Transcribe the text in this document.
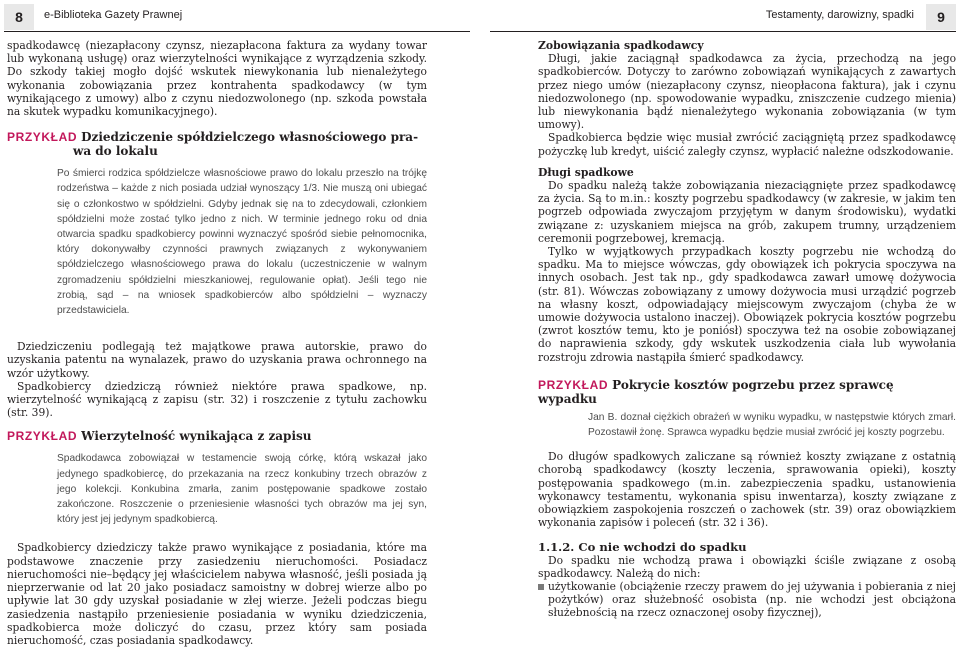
8	e-Biblioteka Gazety Prawnej	Testamenty, darowizny, spadki	9

spadkodawcę (niezapłacony czynsz, niezapłacona faktura za wydany towar lub wykonaną usługę) oraz wierzytelności wynikające z wyrządzenia szkody. Do szkody takiej mogło dojść wskutek niewykonania lub nienależytego wykonania zobowiązania przez kontrahenta spadkodawcy (w tym wynikającego z umowy) albo z czynu niedozwolonego (np. szkoda powstała na skutek wypadku komunikacyjnego).

PRZYKŁAD Dziedziczenie spółdzielczego własnościowego pra-
wa do lokalu

Po śmierci rodzica spółdzielcze własnościowe prawo do lokalu przeszło na trójkę rodzeństwa – każde z nich posiada udział wynoszący 1/3. Nie muszą oni ubiegać się o członkostwo w spółdzielni. Gdyby jednak się na to zdecydowali, członkiem spółdzielni może zostać tylko jedno z nich. W terminie jednego roku od dnia otwarcia spadku spadkobiercy powinni wyznaczyć spośród siebie pełnomocnika, który dokonywałby czynności prawnych związanych z wykonywaniem spółdzielczego własnościowego prawa do lokalu (uczestniczenie w walnym zgromadzeniu spółdzielni mieszkaniowej, regulowanie opłat). Jeśli tego nie zrobią, sąd – na wniosek spadkobierców albo spółdzielni – wyznaczy przedstawiciela.

Dziedziczeniu podlegają też majątkowe prawa autorskie, prawo do uzyskania patentu na wynalazek, prawo do uzyskania prawa ochronnego na wzór użytkowy.

Spadkobiercy dziedziczą również niektóre prawa spadkowe, np. wierzytelność wynikającą z zapisu (str. 32) i roszczenie z tytułu zachowku (str. 39).

PRZYKŁAD Wierzytelność wynikająca z zapisu

Spadkodawca zobowiązał w testamencie swoją córkę, którą wskazał jako jedynego spadkobiercę, do przekazania na rzecz konkubiny trzech obrazów z jego kolekcji. Konkubina zmarła, zanim postępowanie spadkowe zostało zakończone. Roszczenie o przeniesienie własności tych obrazów ma jej syn, który jest jej jedynym spadkobiercą.

Spadkobiercy dziedziczy także prawo wynikające z posiadania, które ma podstawowe znaczenie przy zasiedzeniu nieruchomości. Posiadacz nieruchomości nie–będący jej właścicielem nabywa własność, jeśli posiada ją nieprzerwanie od lat 20 jako posiadacz samoistny w dobrej wierze albo po upływie lat 30 gdy uzyskał posiadanie w złej wierze. Jeżeli podczas biegu zasiedzenia nastąpiło przeniesienie posiadania w wyniku dziedziczenia, spadkobierca może doliczyć do czasu, przez który sam posiada nieruchomość, czas posiadania spadkodawcy.

Zobowiązania spadkodawcy

Długi, jakie zaciągnął spadkodawca za życia, przechodzą na jego spadkobierców. Dotyczy to zarówno zobowiązań wynikających z zawartych przez niego umów (niezapłacony czynsz, nieopłacona faktura), jak i czynu niedozwolonego (np. spowodowanie wypadku, zniszczenie cudzego mienia) lub niewykonania bądź nienależytego wykonania zobowiązania (w tym umowy).

Spadkobierca będzie więc musiał zwrócić zaciągniętą przez spadkodawcę pożyczkę lub kredyt, uiścić zaległy czynsz, wypłacić należne odszkodowanie.

Długi spadkowe

Do spadku należą także zobowiązania niezaciągnięte przez spadkodawcę za życia. Są to m.in.: koszty pogrzebu spadkodawcy (w zakresie, w jakim ten pogrzeb odpowiada zwyczajom przyjętym w danym środowisku), wydatki związane z: uzyskaniem miejsca na grób, zakupem trumny, urządzeniem ceremonii pogrzebowej, kremacją.

Tylko w wyjątkowych przypadkach koszty pogrzebu nie wchodzą do spadku. Ma to miejsce wówczas, gdy obowiązek ich pokrycia spoczywa na innych osobach. Jest tak np., gdy spadkodawca zawarł umowę dożywocia (str. 81). Wówczas zobowiązany z umowy dożywocia musi urządzić pogrzeb na własny koszt, odpowiadający miejscowym zwyczajom (chyba że w umowie dożywocia ustalono inaczej). Obowiązek pokrycia kosztów pogrzebu (zwrot kosztów temu, kto je poniósł) spoczywa też na osobie zobowiązanej do naprawienia szkody, gdy wskutek uszkodzenia ciała lub wywołania rozstroju zdrowia nastąpiła śmierć spadkodawcy.

PRZYKŁAD Pokrycie kosztów pogrzebu przez sprawcę wypadku

Jan B. doznał ciężkich obrażeń w wyniku wypadku, w następstwie których zmarł. Pozostawił żonę. Sprawca wypadku będzie musiał zwrócić jej koszty pogrzebu.

Do długów spadkowych zaliczane są również koszty związane z ostatnią chorobą spadkodawcy (koszty leczenia, sprawowania opieki), koszty postępowania spadkowego (m.in. zabezpieczenia spadku, ustanowienia wykonawcy testamentu, wykonania spisu inwentarza), koszty związane z obowiązkiem zaspokojenia roszczeń o zachowek (str. 39) oraz obowiązkiem wykonania zapisów i poleceń (str. 32 i 36).

1.1.2. Co nie wchodzi do spadku

Do spadku nie wchodzą prawa i obowiązki ściśle związane z osobą spadkodawcy. Należą do nich:

użytkowanie (obciążenie rzeczy prawem do jej używania i pobierania z niej pożytków) oraz służebność osobista (np. nie wchodzi jest obciążona służebnością na rzecz oznaczonej osoby fizycznej),
